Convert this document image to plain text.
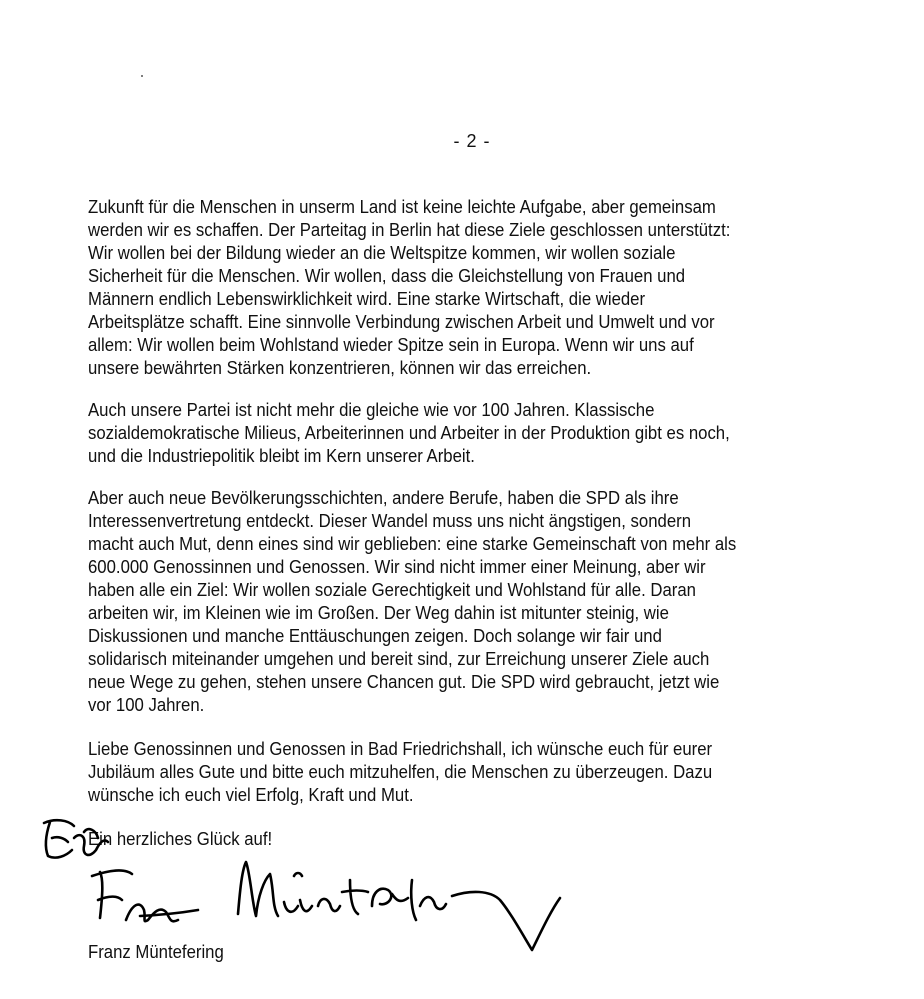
- 2 -
Zukunft für die Menschen in unserm Land ist keine leichte Aufgabe, aber gemeinsam
werden wir es schaffen. Der Parteitag in Berlin hat diese Ziele geschlossen unterstützt:
Wir wollen bei der Bildung wieder an die Weltspitze kommen, wir wollen soziale
Sicherheit für die Menschen. Wir wollen, dass die Gleichstellung von Frauen und
Männern endlich Lebenswirklichkeit wird. Eine starke Wirtschaft, die wieder
Arbeitsplätze schafft. Eine sinnvolle Verbindung zwischen Arbeit und Umwelt und vor
allem: Wir wollen beim Wohlstand wieder Spitze sein in Europa. Wenn wir uns auf
unsere bewährten Stärken konzentrieren, können wir das erreichen.
Auch unsere Partei ist nicht mehr die gleiche wie vor 100 Jahren. Klassische
sozialdemokratische Milieus, Arbeiterinnen und Arbeiter in der Produktion gibt es noch,
und die Industriepolitik bleibt im Kern unserer Arbeit.
Aber auch neue Bevölkerungsschichten, andere Berufe, haben die SPD als ihre
Interessenvertretung entdeckt. Dieser Wandel muss uns nicht ängstigen, sondern
macht auch Mut, denn eines sind wir geblieben: eine starke Gemeinschaft von mehr als
600.000 Genossinnen und Genossen. Wir sind nicht immer einer Meinung, aber wir
haben alle ein Ziel: Wir wollen soziale Gerechtigkeit und Wohlstand für alle. Daran
arbeiten wir, im Kleinen wie im Großen. Der Weg dahin ist mitunter steinig, wie
Diskussionen und manche Enttäuschungen zeigen. Doch solange wir fair und
solidarisch miteinander umgehen und bereit sind, zur Erreichung unserer Ziele auch
neue Wege zu gehen, stehen unsere Chancen gut. Die SPD wird gebraucht, jetzt wie
vor 100 Jahren.
Liebe Genossinnen und Genossen in Bad Friedrichshall, ich wünsche euch für eurer
Jubiläum alles Gute und bitte euch mitzuhelfen, die Menschen zu überzeugen. Dazu
wünsche ich euch viel Erfolg, Kraft und Mut.
Ein herzliches Glück auf!
Franz Müntefering
